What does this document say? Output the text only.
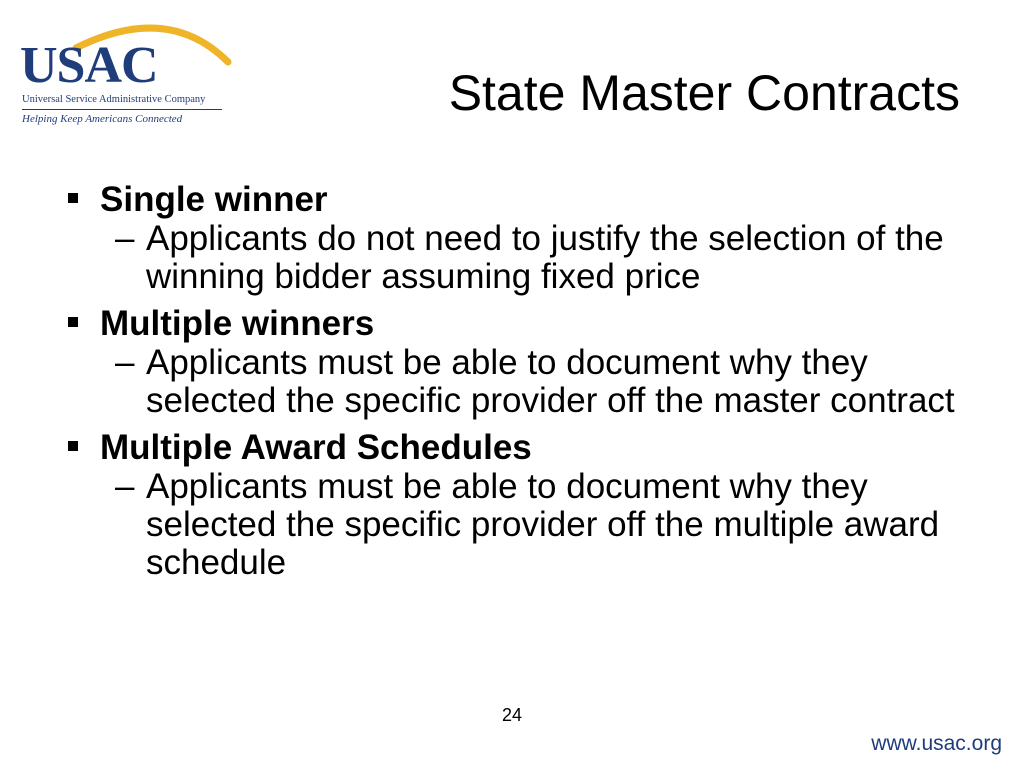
USAC
Universal Service Administrative Company
Helping Keep Americans Connected	State Master Contracts
Single winner
– Applicants do not need to justify the selection of the winning bidder assuming fixed price
Multiple winners
– Applicants must be able to document why they selected the specific provider off the master contract
Multiple Award Schedules
– Applicants must be able to document why they selected the specific provider off the multiple award schedule
24
www.usac.org
